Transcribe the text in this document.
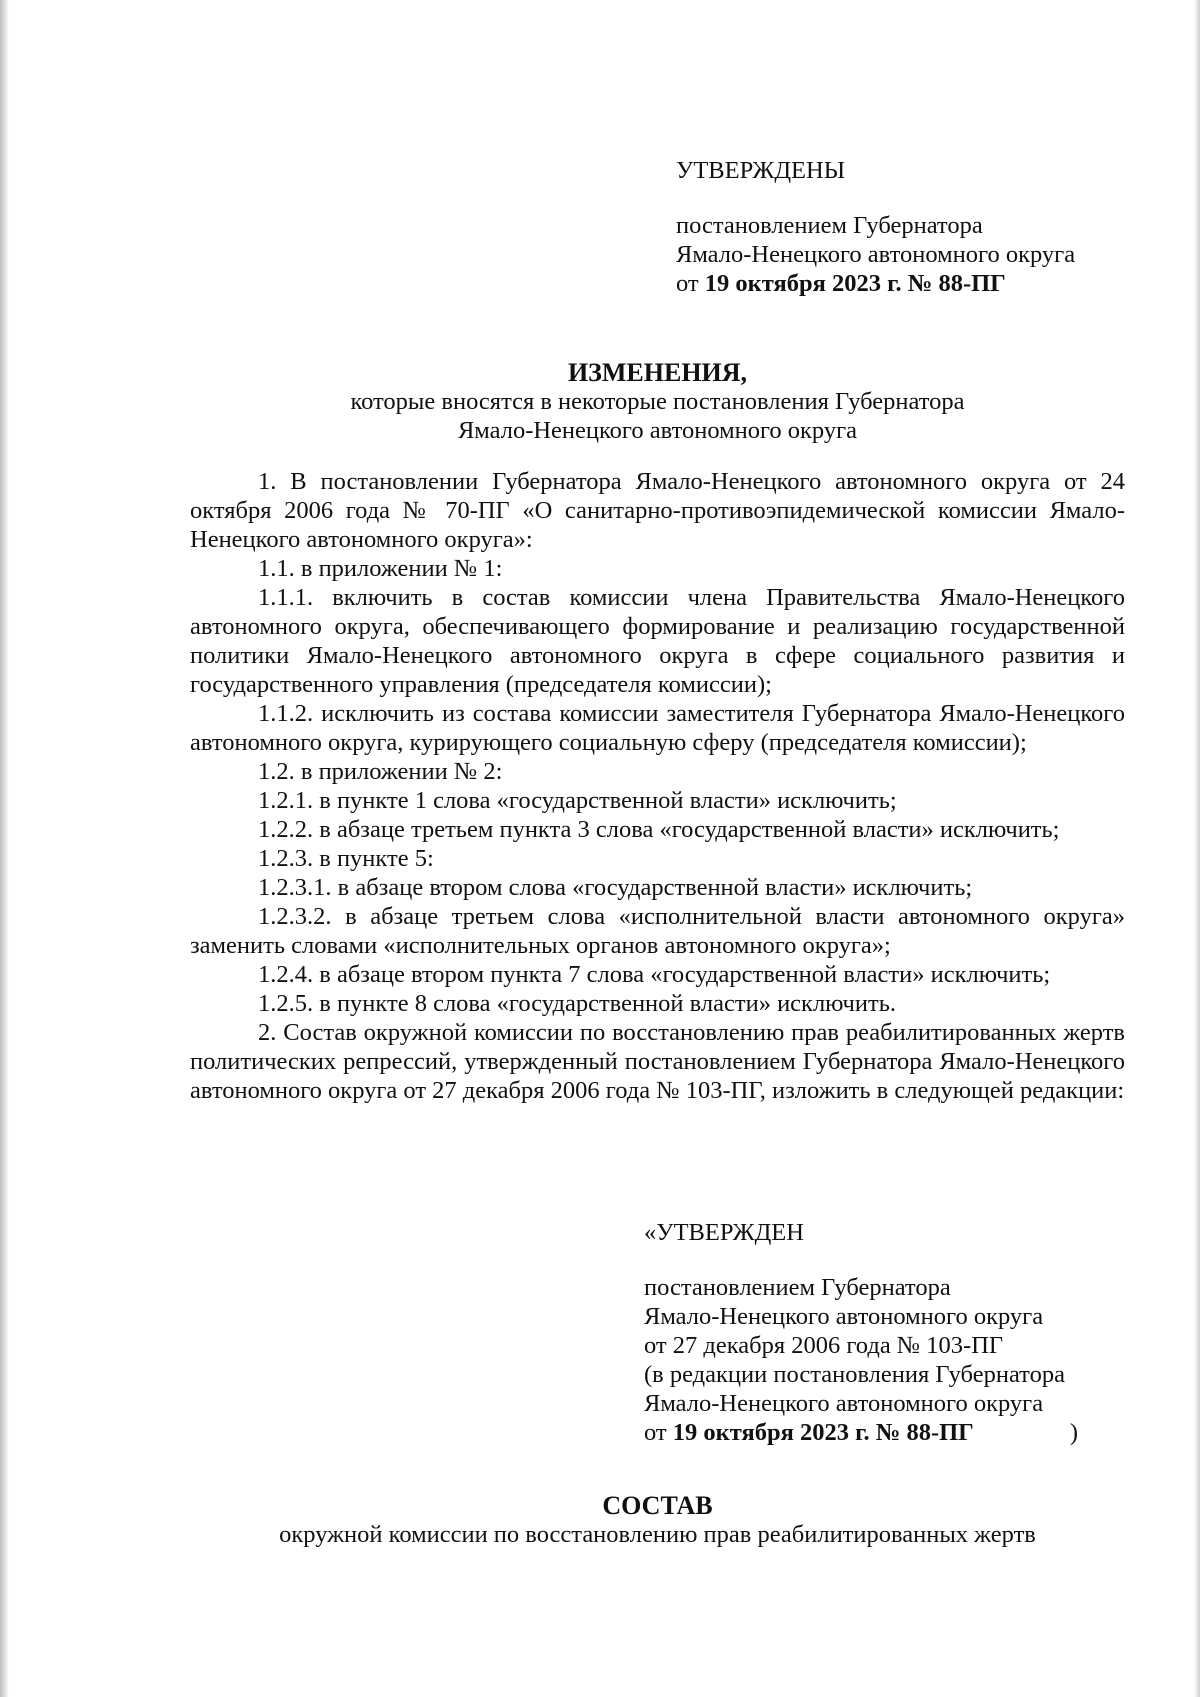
УТВЕРЖДЕНЫ
постановлением Губернатора
Ямало-Ненецкого автономного округа
от 19 октября 2023 г. № 88-ПГ
ИЗМЕНЕНИЯ,
которые вносятся в некоторые постановления Губернатора
Ямало-Ненецкого автономного округа

1. В постановлении Губернатора Ямало-Ненецкого автономного округа от 24 октября 2006 года № 70-ПГ «О санитарно-противоэпидемической комиссии Ямало-Ненецкого автономного округа»:

1.1. в приложении № 1:

1.1.1. включить в состав комиссии члена Правительства Ямало-Ненецкого автономного округа, обеспечивающего формирование и реализацию государственной политики Ямало-Ненецкого автономного округа в сфере социального развития и государственного управления (председателя комиссии);

1.1.2. исключить из состава комиссии заместителя Губернатора Ямало-Ненецкого автономного округа, курирующего социальную сферу (председателя комиссии);

1.2. в приложении № 2:

1.2.1. в пункте 1 слова «государственной власти» исключить;

1.2.2. в абзаце третьем пункта 3 слова «государственной власти» исключить;

1.2.3. в пункте 5:

1.2.3.1. в абзаце втором слова «государственной власти» исключить;

1.2.3.2. в абзаце третьем слова «исполнительной власти автономного округа» заменить словами «исполнительных органов автономного округа»;

1.2.4. в абзаце втором пункта 7 слова «государственной власти» исключить;

1.2.5. в пункте 8 слова «государственной власти» исключить.

2. Состав окружной комиссии по восстановлению прав реабилитированных жертв политических репрессий, утвержденный постановлением Губернатора Ямало-Ненецкого автономного округа от 27 декабря 2006 года № 103-ПГ, изложить в следующей редакции:

«УТВЕРЖДЕН
постановлением Губернатора
Ямало-Ненецкого автономного округа
от 27 декабря 2006 года № 103-ПГ
(в редакции постановления Губернатора
Ямало-Ненецкого автономного округа
от 19 октября 2023 г. № 88-ПГ	)
СОСТАВ
окружной комиссии по восстановлению прав реабилитированных жертв
